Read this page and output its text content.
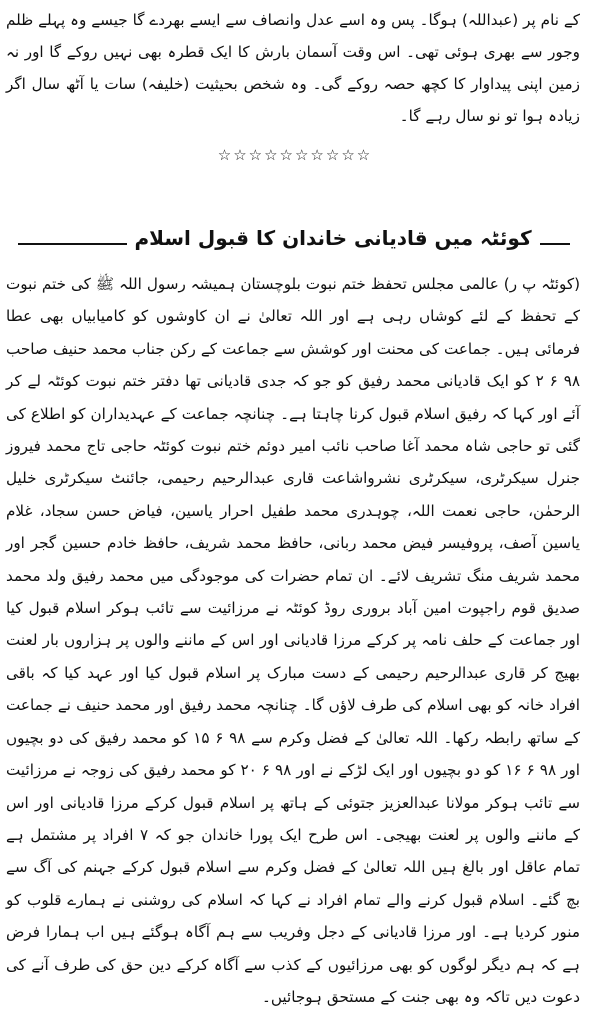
کے نام پر (عبداللہ) ہوگا۔ پس وہ اسے عدل وانصاف سے ایسے بھردے گا جیسے وہ پہلے ظلم وجور سے بھری ہوئی تھی۔ اس وقت آسمان بارش کا ایک قطرہ بھی نہیں روکے گا اور نہ زمین اپنی پیداوار کا کچھ حصہ روکے گی۔ وہ شخص بحیثیت (خلیفہ) سات یا آٹھ سال اگر زیادہ ہوا تو نو سال رہے گا۔

☆☆☆☆☆☆☆☆☆☆
کوئٹہ میں قادیانی خاندان کا قبول اسلام

(کوئٹہ پ ر) عالمی مجلس تحفظ ختم نبوت بلوچستان ہمیشہ رسول اللہ ﷺ کی ختم نبوت کے تحفظ کے لئے کوشاں رہی ہے اور اللہ تعالیٰ نے ان کاوشوں کو کامیابیاں بھی عطا فرمائی ہیں۔ جماعت کی محنت اور کوشش سے جماعت کے رکن جناب محمد حنیف صاحب ۹۸ ۶ ۲ کو ایک قادیانی محمد رفیق کو جو کہ جدی قادیانی تھا دفتر ختم نبوت کوئٹہ لے کر آئے اور کہا کہ رفیق اسلام قبول کرنا چاہتا ہے۔ چنانچہ جماعت کے عہدیداران کو اطلاع کی گئی تو حاجی شاہ محمد آغا صاحب نائب امیر دوئم ختم نبوت کوئٹہ حاجی تاج محمد فیروز جنرل سیکرٹری، سیکرٹری نشرواشاعت قاری عبدالرحیم رحیمی، جائنٹ سیکرٹری خلیل الرحمٰن، حاجی نعمت اللہ، چوہدری محمد طفیل احرار یاسین، فیاض حسن سجاد، غلام یاسین آصف، پروفیسر فیض محمد ربانی، حافظ محمد شریف، حافظ خادم حسین گجر اور محمد شریف منگ تشریف لائے۔ ان تمام حضرات کی موجودگی میں محمد رفیق ولد محمد صدیق قوم راجپوت امین آباد بروری روڈ کوئٹہ نے مرزائیت سے تائب ہوکر اسلام قبول کیا اور جماعت کے حلف نامہ پر کرکے مرزا قادیانی اور اس کے ماننے والوں پر ہزاروں بار لعنت بھیج کر قاری عبدالرحیم رحیمی کے دست مبارک پر اسلام قبول کیا اور عہد کیا کہ باقی افراد خانہ کو بھی اسلام کی طرف لاؤں گا۔ چنانچہ محمد رفیق اور محمد حنیف نے جماعت کے ساتھ رابطہ رکھا۔ اللہ تعالیٰ کے فضل وکرم سے ۹۸ ۶ ۱۵ کو محمد رفیق کی دو بچیوں اور ۹۸ ۶ ۱۶ کو دو بچیوں اور ایک لڑکے نے اور ۹۸ ۶ ۲۰ کو محمد رفیق کی زوجہ نے مرزائیت سے تائب ہوکر مولانا عبدالعزیز جتوئی کے ہاتھ پر اسلام قبول کرکے مرزا قادیانی اور اس کے ماننے والوں پر لعنت بھیجی۔ اس طرح ایک پورا خاندان جو کہ ۷ افراد پر مشتمل ہے تمام عاقل اور بالغ ہیں اللہ تعالیٰ کے فضل وکرم سے اسلام قبول کرکے جہنم کی آگ سے بچ گئے۔ اسلام قبول کرنے والے تمام افراد نے کہا کہ اسلام کی روشنی نے ہمارے قلوب کو منور کردیا ہے۔ اور مرزا قادیانی کے دجل وفریب سے ہم آگاہ ہوگئے ہیں اب ہمارا فرض ہے کہ ہم دیگر لوگوں کو بھی مرزائیوں کے کذب سے آگاہ کرکے دین حق کی طرف آنے کی دعوت دیں تاکہ وہ بھی جنت کے مستحق ہوجائیں۔
